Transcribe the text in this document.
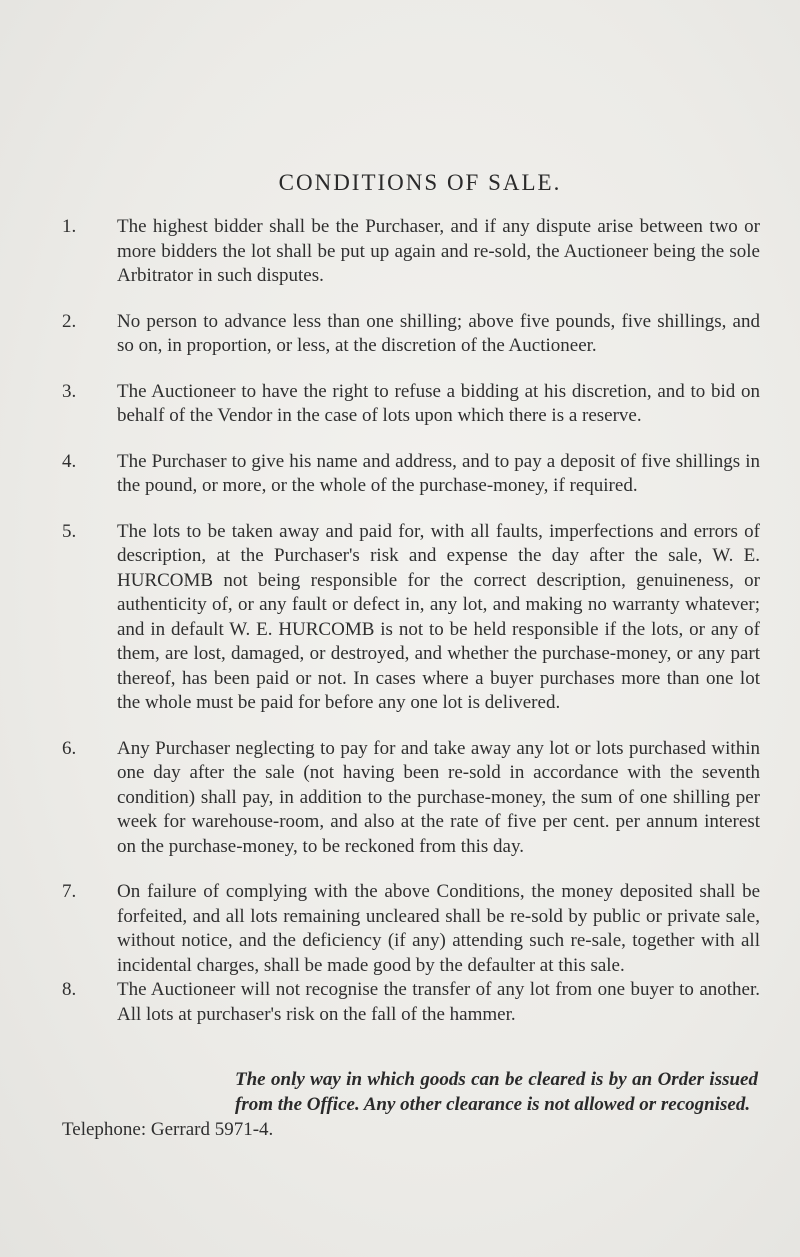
CONDITIONS OF SALE.
1. The highest bidder shall be the Purchaser, and if any dispute arise between two or more bidders the lot shall be put up again and re-sold, the Auctioneer being the sole Arbitrator in such disputes.
2. No person to advance less than one shilling; above five pounds, five shillings, and so on, in proportion, or less, at the discretion of the Auctioneer.
3. The Auctioneer to have the right to refuse a bidding at his discretion, and to bid on behalf of the Vendor in the case of lots upon which there is a reserve.
4. The Purchaser to give his name and address, and to pay a deposit of five shillings in the pound, or more, or the whole of the purchase-money, if required.
5. The lots to be taken away and paid for, with all faults, imperfections and errors of description, at the Purchaser's risk and expense the day after the sale, W. E. HURCOMB not being responsible for the correct description, genuineness, or authenticity of, or any fault or defect in, any lot, and making no warranty whatever; and in default W. E. HURCOMB is not to be held responsible if the lots, or any of them, are lost, damaged, or destroyed, and whether the purchase-money, or any part thereof, has been paid or not. In cases where a buyer purchases more than one lot the whole must be paid for before any one lot is delivered.
6. Any Purchaser neglecting to pay for and take away any lot or lots purchased within one day after the sale (not having been re-sold in accordance with the seventh condition) shall pay, in addition to the purchase-money, the sum of one shilling per week for warehouse-room, and also at the rate of five per cent. per annum interest on the purchase-money, to be reckoned from this day.
7. On failure of complying with the above Conditions, the money deposited shall be forfeited, and all lots remaining uncleared shall be re-sold by public or private sale, without notice, and the deficiency (if any) attending such re-sale, together with all incidental charges, shall be made good by the defaulter at this sale.
8. The Auctioneer will not recognise the transfer of any lot from one buyer to another. All lots at purchaser's risk on the fall of the hammer.

The only way in which goods can be cleared is by an Order issued from the Office. Any other clearance is not allowed or recognised.

Telephone: Gerrard 5971-4.
